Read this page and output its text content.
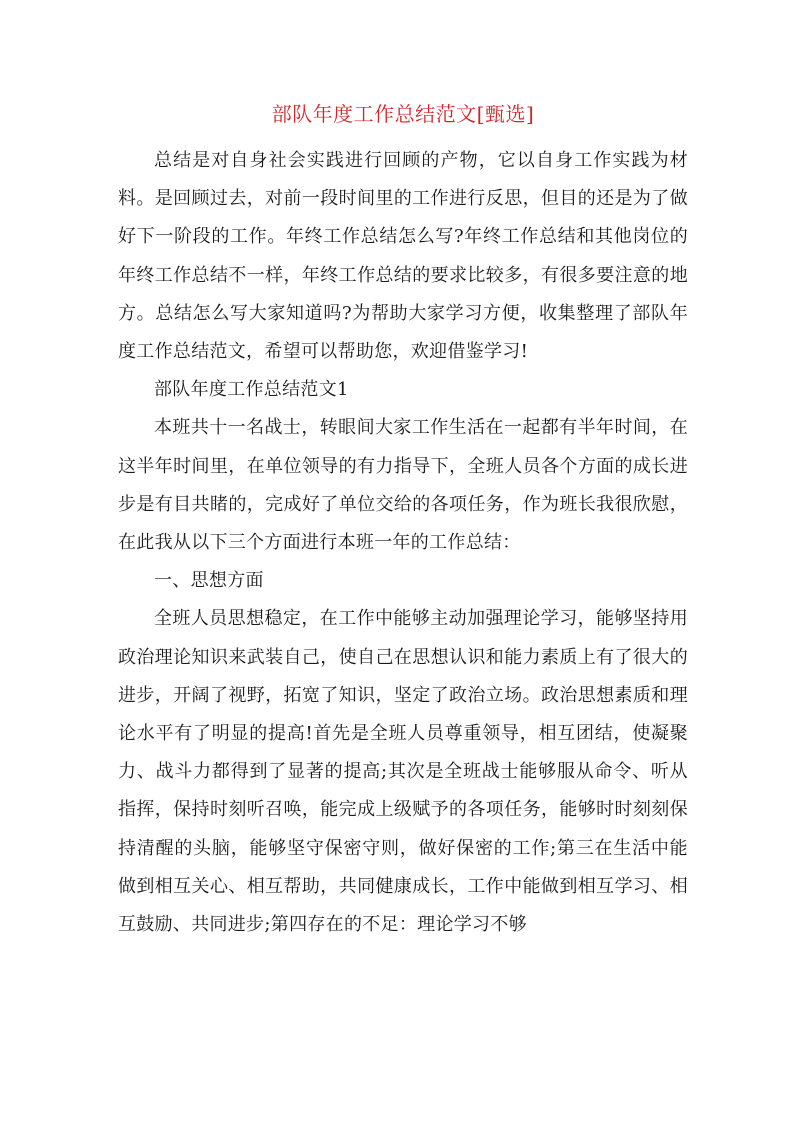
部队年度工作总结范文[甄选]

总结是对自身社会实践进行回顾的产物，它以自身工作实践为材料。是回顾过去，对前一段时间里的工作进行反思，但目的还是为了做好下一阶段的工作。年终工作总结怎么写?年终工作总结和其他岗位的年终工作总结不一样，年终工作总结的要求比较多，有很多要注意的地方。总结怎么写大家知道吗?为帮助大家学习方便，收集整理了部队年度工作总结范文，希望可以帮助您，欢迎借鉴学习!

部队年度工作总结范文1

本班共十一名战士，转眼间大家工作生活在一起都有半年时间，在这半年时间里，在单位领导的有力指导下，全班人员各个方面的成长进步是有目共睹的，完成好了单位交给的各项任务，作为班长我很欣慰，在此我从以下三个方面进行本班一年的工作总结：

一、思想方面

全班人员思想稳定，在工作中能够主动加强理论学习，能够坚持用政治理论知识来武装自己，使自己在思想认识和能力素质上有了很大的进步，开阔了视野，拓宽了知识，坚定了政治立场。政治思想素质和理论水平有了明显的提高!首先是全班人员尊重领导，相互团结，使凝聚力、战斗力都得到了显著的提高;其次是全班战士能够服从命令、听从指挥，保持时刻听召唤，能完成上级赋予的各项任务，能够时时刻刻保持清醒的头脑，能够坚守保密守则，做好保密的工作;第三在生活中能做到相互关心、相互帮助，共同健康成长，工作中能做到相互学习、相互鼓励、共同进步;第四存在的不足：理论学习不够
